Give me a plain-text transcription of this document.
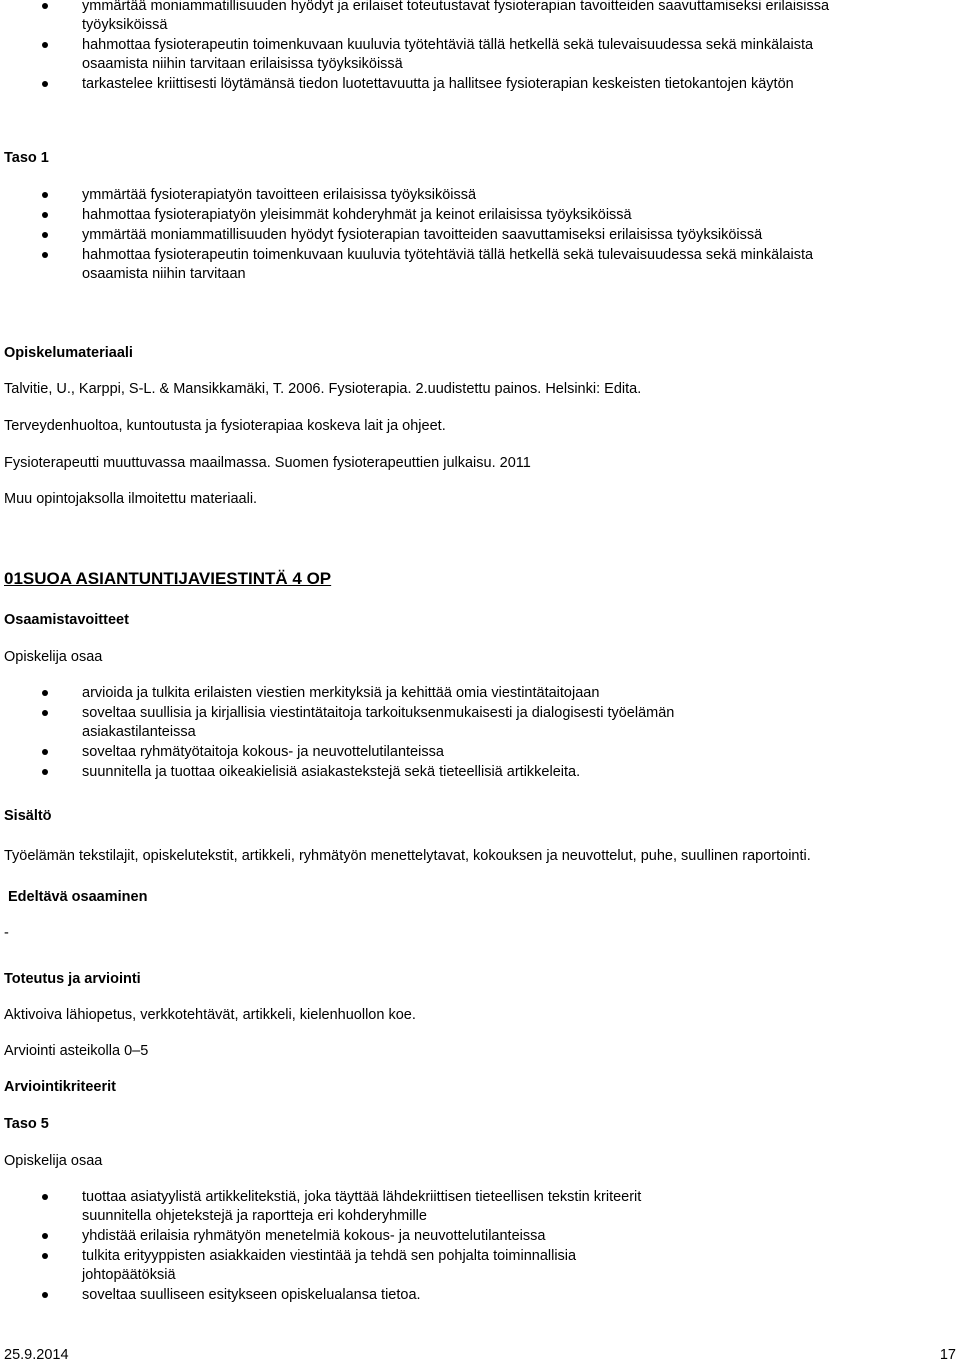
ymmärtää moniammatillisuuden hyödyt ja erilaiset toteutustavat fysioterapian tavoitteiden saavuttamiseksi erilaisissa työyksiköissä
hahmottaa fysioterapeutin toimenkuvaan kuuluvia työtehtäviä tällä hetkellä sekä tulevaisuudessa sekä minkälaista osaamista niihin tarvitaan erilaisissa työyksiköissä
tarkastelee kriittisesti löytämänsä tiedon luotettavuutta ja hallitsee fysioterapian keskeisten tietokantojen käytön
Taso 1
ymmärtää fysioterapiatyön tavoitteen erilaisissa työyksiköissä
hahmottaa fysioterapiatyön yleisimmät kohderyhmät ja keinot erilaisissa työyksiköissä
ymmärtää moniammatillisuuden hyödyt fysioterapian tavoitteiden saavuttamiseksi erilaisissa työyksiköissä
hahmottaa fysioterapeutin toimenkuvaan kuuluvia työtehtäviä tällä hetkellä sekä tulevaisuudessa sekä minkälaista osaamista niihin tarvitaan
Opiskelumateriaali
Talvitie, U., Karppi, S-L. & Mansikkamäki, T. 2006. Fysioterapia. 2.uudistettu painos. Helsinki: Edita.
Terveydenhuoltoa, kuntoutusta ja fysioterapiaa koskeva lait ja ohjeet.
Fysioterapeutti muuttuvassa maailmassa. Suomen fysioterapeuttien julkaisu. 2011
Muu opintojaksolla ilmoitettu materiaali.
01SUOA ASIANTUNTIJAVIESTINTÄ 4 OP
Osaamistavoitteet
Opiskelija osaa
arvioida ja tulkita erilaisten viestien merkityksiä ja kehittää omia viestintätaitojaan
soveltaa suullisia ja kirjallisia viestintätaitoja tarkoituksenmukaisesti ja dialogisesti työelämän asiakastilanteissa
soveltaa ryhmätyötaitoja kokous- ja neuvottelutilanteissa
suunnitella ja tuottaa oikeakielisiä asiakastekstejä sekä tieteellisiä artikkeleita.
Sisältö
Työelämän tekstilajit, opiskelutekstit, artikkeli, ryhmätyön menettelytavat, kokouksen ja neuvottelut, puhe, suullinen raportointi.
Edeltävä osaaminen
-
Toteutus ja arviointi
Aktivoiva lähiopetus, verkkotehtävät, artikkeli, kielenhuollon koe.
Arviointi asteikolla 0–5
Arviointikriteerit
Taso 5
Opiskelija osaa
tuottaa asiatyylistä artikkelitekstiä, joka täyttää lähdekriittisen tieteellisen tekstin kriteerit suunnitella ohjetekstejä ja raportteja eri kohderyhmille
yhdistää erilaisia ryhmätyön menetelmiä kokous- ja neuvottelutilanteissa
tulkita erityyppisten asiakkaiden viestintää ja tehdä sen pohjalta toiminnallisia johtopäätöksiä
soveltaa suulliseen esitykseen opiskelualansa tietoa.
25.9.2014	17
